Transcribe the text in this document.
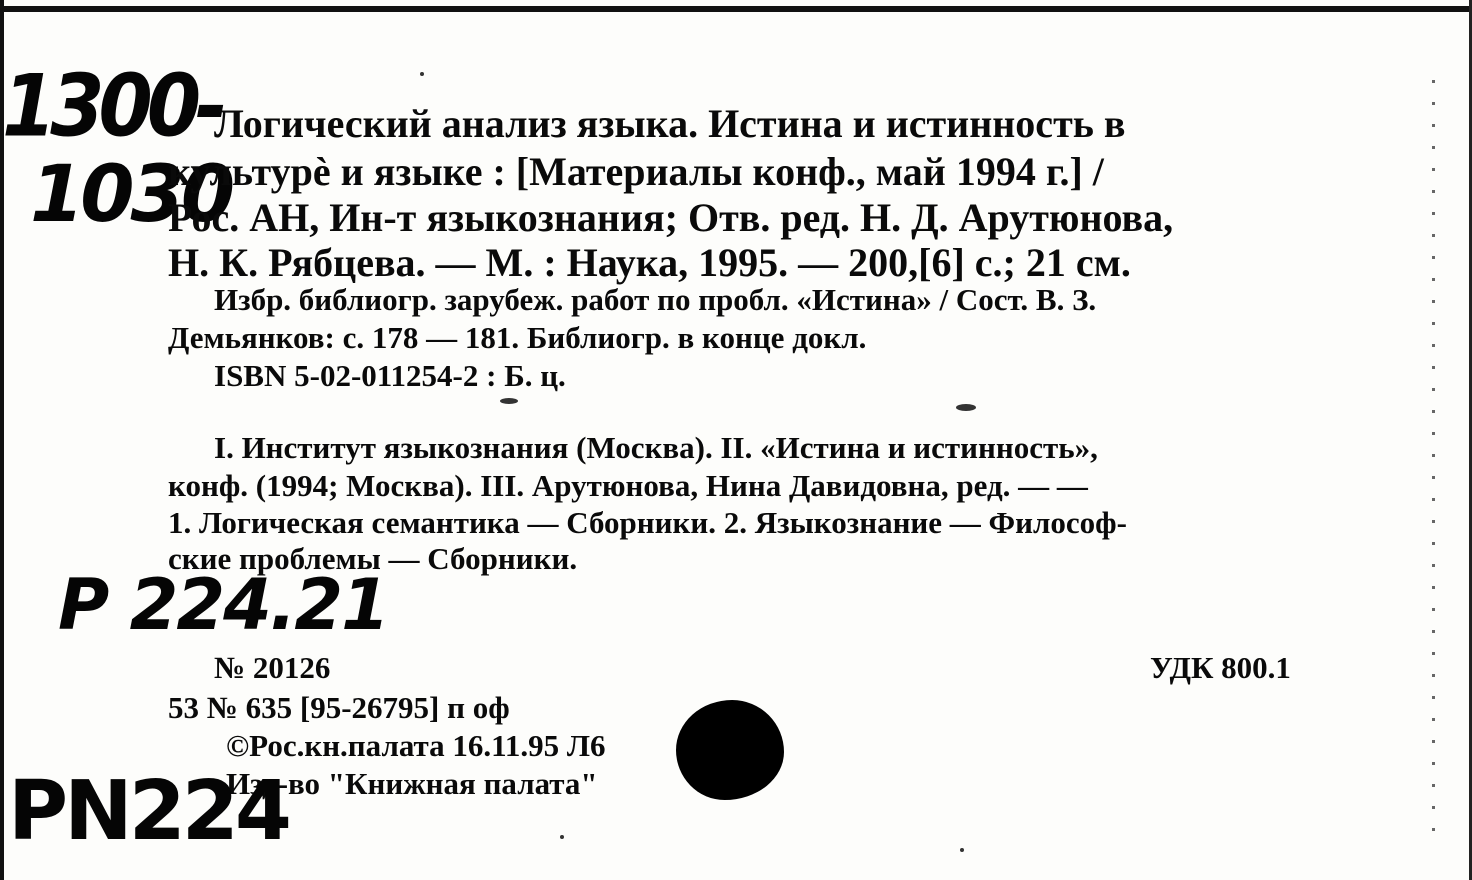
1300-
1030
Логический анализ языка. Истина и истинность в
культурѐ и языке : [Материалы конф., май 1994 г.] /
Рос. АН, Ин-т языкознания; Отв. ред. Н. Д. Арутюнова,
Н. К. Рябцева. — М. : Наука, 1995. — 200,[6] с.; 21 см.
Избр. библиогр. зарубеж. работ по пробл. «Истина» / Сост. В. З.
Демьянков: с. 178 — 181. Библиогр. в конце докл.
ISBN 5-02-011254-2 : Б. ц.
I. Институт языкознания (Москва). II. «Истина и истинность»,
конф. (1994; Москва). III. Арутюнова, Нина Давидовна, ред. — —
1. Логическая семантика — Сборники. 2. Языкознание — Философ-
ские проблемы — Сборники.
P 224.21
№ 20126	УДК 800.1
53 № 635 [95-26795] п оф
©Рос.кн.палата 16.11.95 Л6
Изд-во "Книжная палата"
PN224
